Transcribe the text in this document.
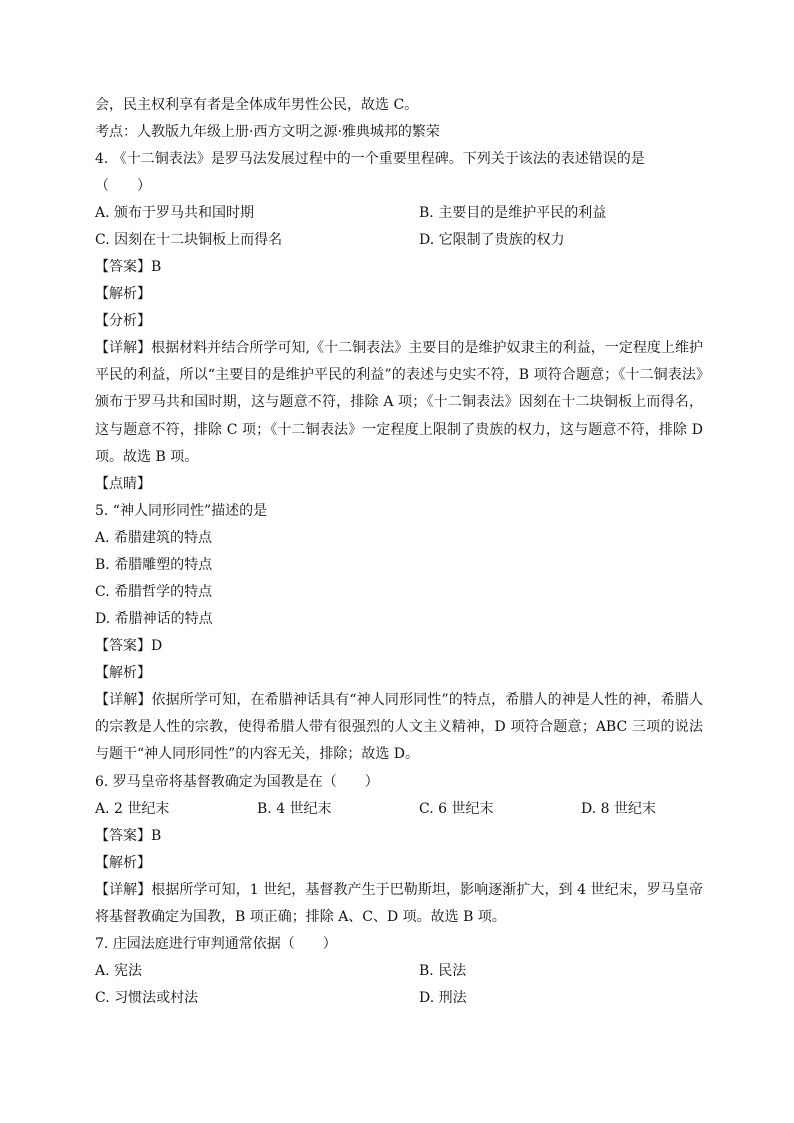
会，民主权利享有者是全体成年男性公民，故选 C。
考点：人教版九年级上册·西方文明之源·雅典城邦的繁荣
4. 《十二铜表法》是罗马法发展过程中的一个重要里程碑。下列关于该法的表述错误的是
（　　）
A. 颁布于罗马共和国时期	B. 主要目的是维护平民的利益
C. 因刻在十二块铜板上而得名	D. 它限制了贵族的权力
【答案】B
【解析】
【分析】
【详解】根据材料并结合所学可知,《十二铜表法》主要目的是维护奴隶主的利益，一定程度上维护平民的利益，所以“主要目的是维护平民的利益”的表述与史实不符，B 项符合题意；《十二铜表法》颁布于罗马共和国时期，这与题意不符，排除 A 项；《十二铜表法》因刻在十二块铜板上而得名，这与题意不符，排除 C 项；《十二铜表法》一定程度上限制了贵族的权力，这与题意不符，排除 D 项。故选 B 项。
【点睛】
5. “神人同形同性”描述的是
A. 希腊建筑的特点
B. 希腊雕塑的特点
C. 希腊哲学的特点
D. 希腊神话的特点
【答案】D
【解析】
【详解】依据所学可知，在希腊神话具有“神人同形同性”的特点，希腊人的神是人性的神，希腊人的宗教是人性的宗教，使得希腊人带有很强烈的人文主义精神，D 项符合题意；ABC 三项的说法与题干“神人同形同性”的内容无关，排除；故选 D。
6. 罗马皇帝将基督教确定为国教是在（　　）
A. 2 世纪末	B. 4 世纪末	C. 6 世纪末	D. 8 世纪末
【答案】B
【解析】
【详解】根据所学可知，1 世纪，基督教产生于巴勒斯坦，影响逐渐扩大，到 4 世纪末，罗马皇帝将基督教确定为国教，B 项正确；排除 A、C、D 项。故选 B 项。
7. 庄园法庭进行审判通常依据（　　）
A. 宪法	B. 民法
C. 习惯法或村法	D. 刑法
